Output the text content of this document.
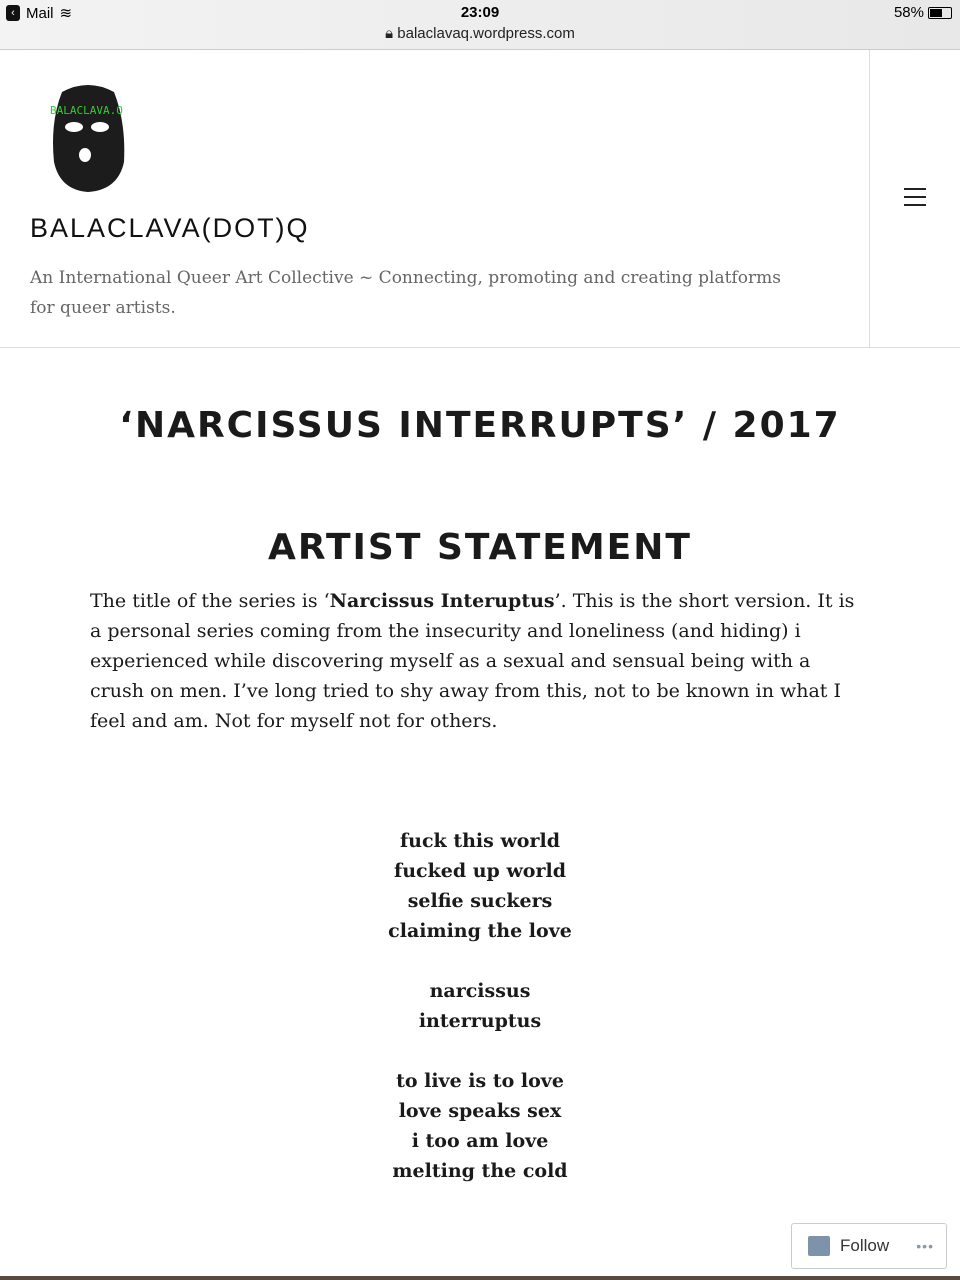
‹ Mail ≋	23:09
🔒︎ balaclavaq.wordpress.com
58%
BALACLAVA.Q
BALACLAVA(DOT)Q
An International Queer Art Collective ~ Connecting, promoting and creating platforms for queer artists.
‘NARCISSUS INTERRUPTS’ / 2017
ARTIST STATEMENT

The title of the series is ‘Narcissus Interuptus’. This is the short version. It is a personal series coming from the insecurity and loneliness (and hiding) i experienced while discovering myself as a sexual and sensual being with a crush on men. I’ve long tried to shy away from this, not to be known in what I feel and am. Not for myself not for others.

fuck this world
fucked up world
selfie suckers
claiming the love
narcissus
interruptus
to live is to love
love speaks sex
i too am love
melting the cold
Follow •••
